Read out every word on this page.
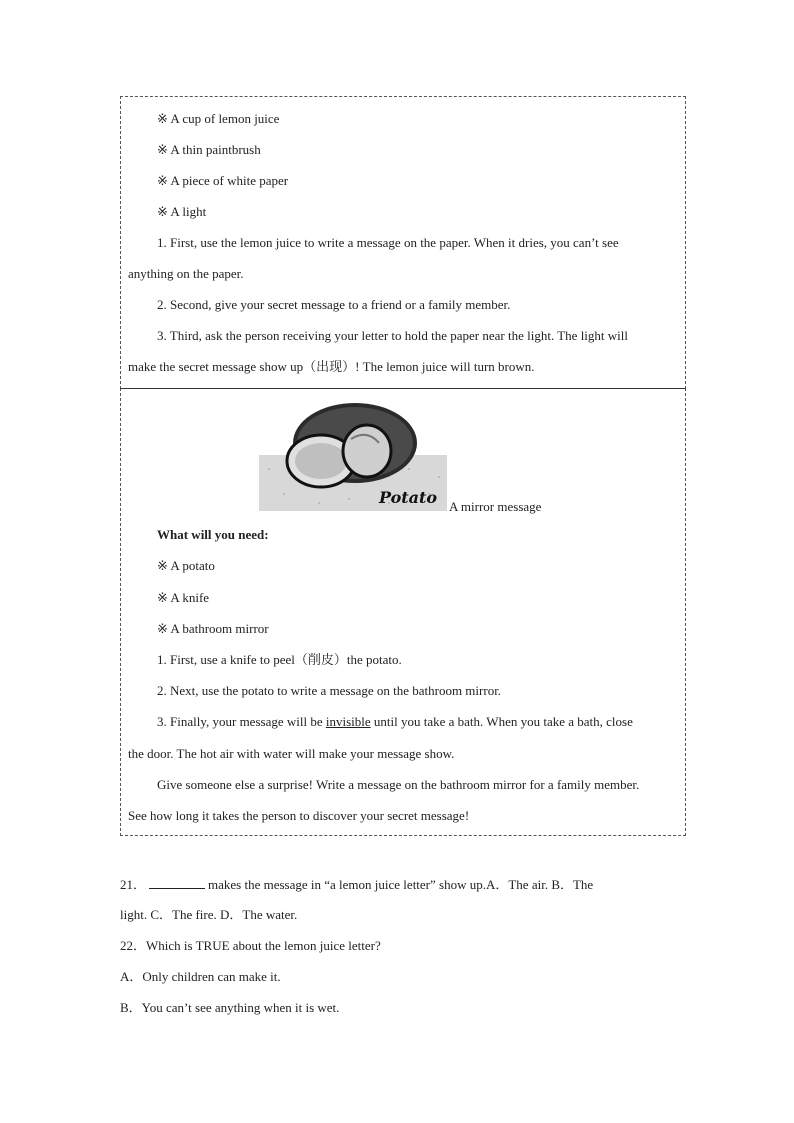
※ A cup of lemon juice
※ A thin paintbrush
※ A piece of white paper
※ A light
1. First, use the lemon juice to write a message on the paper. When it dries, you can’t see
anything on the paper.
2. Second, give your secret message to a friend or a family member.
3. Third, ask the person receiving your letter to hold the paper near the light. The light will
make the secret message show up（出现）! The lemon juice will turn brown.
Potato A mirror message
What will you need:
※ A potato
※ A knife
※ A bathroom mirror
1. First, use a knife to peel（削皮）the potato.
2. Next, use the potato to write a message on the bathroom mirror.
3. Finally, your message will be invisible until you take a bath. When you take a bath, close
the door. The hot air with water will make your message show.
Give someone else a surprise! Write a message on the bathroom mirror for a family member.
See how long it takes the person to discover your secret message!
21．	makes the message in “a lemon juice letter” show up.A．The air. B．The
light. C．The fire. D．The water.
22．Which is TRUE about the lemon juice letter?
A．Only children can make it.
B．You can’t see anything when it is wet.
